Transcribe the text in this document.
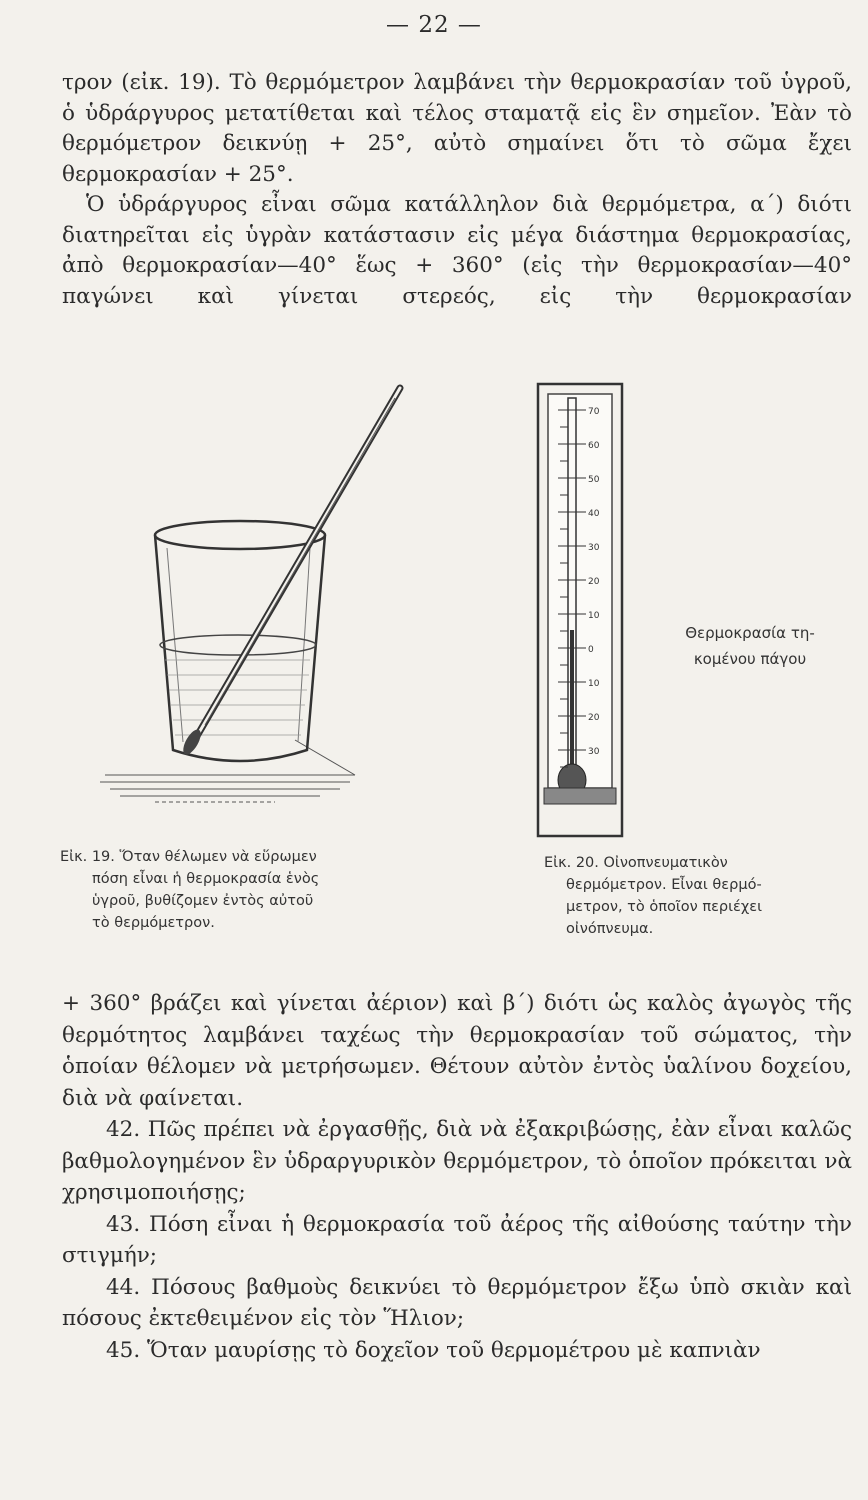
— 22 —

τρον (εἰκ. 19). Τὸ θερμόμετρον λαμβάνει τὴν θερμοκρασίαν τοῦ ὑγροῦ, ὁ ὑδράργυρος μετατίθεται καὶ τέλος σταματᾷ εἰς ἓν σημεῖον. Ἐὰν τὸ θερμόμετρον δεικνύῃ + 25°, αὐτὸ σημαίνει ὅτι τὸ σῶμα ἔχει θερμοκρασίαν + 25°.

Ὁ ὑδράργυρος εἶναι σῶμα κατάλληλον διὰ θερμόμετρα, α΄) διότι διατηρεῖται εἰς ὑγρὰν κατάστασιν εἰς μέγα διάστημα θερμοκρασίας, ἀπὸ θερμοκρασίαν—40° ἕως + 360° (εἰς τὴν θερμοκρασίαν—40° παγώνει καὶ γίνεται στερεός, εἰς τὴν θερμοκρασίαν

70
60
50
40
30
20
10
0
10
20
30
Θερμοκρασία τη-
κομένου πάγου
Εἰκ. 19. Ὅταν θέλωμεν νὰ εὕρωμεν
πόση εἶναι ἡ θερμοκρασία ἑνὸς
ὑγροῦ, βυθίζομεν ἐντὸς αὐτοῦ
τὸ θερμόμετρον.
Εἰκ. 20. Οἰνοπνευματικὸν
θερμόμετρον. Εἶναι θερμό-
μετρον, τὸ ὁποῖον περιέχει
οἰνόπνευμα.

+ 360° βράζει καὶ γίνεται ἀέριον) καὶ β΄) διότι ὡς καλὸς ἀγωγὸς τῆς θερμότητος λαμβάνει ταχέως τὴν θερμοκρασίαν τοῦ σώματος, τὴν ὁποίαν θέλομεν νὰ μετρήσωμεν. Θέτουν αὐτὸν ἐντὸς ὑαλίνου δοχείου, διὰ νὰ φαίνεται.

42. Πῶς πρέπει νὰ ἐργασθῇς, διὰ νὰ ἐξακριβώσῃς, ἐὰν εἶναι καλῶς βαθμολογημένον ἓν ὑδραργυρικὸν θερμόμετρον, τὸ ὁποῖον πρόκειται νὰ χρησιμοποιήσῃς;

43. Πόση εἶναι ἡ θερμοκρασία τοῦ ἀέρος τῆς αἰθούσης ταύτην τὴν στιγμήν;

44. Πόσους βαθμοὺς δεικνύει τὸ θερμόμετρον ἔξω ὑπὸ σκιὰν καὶ πόσους ἐκτεθειμένον εἰς τὸν Ἥλιον;

45. Ὅταν μαυρίσῃς τὸ δοχεῖον τοῦ θερμομέτρου μὲ καπνιὰν
